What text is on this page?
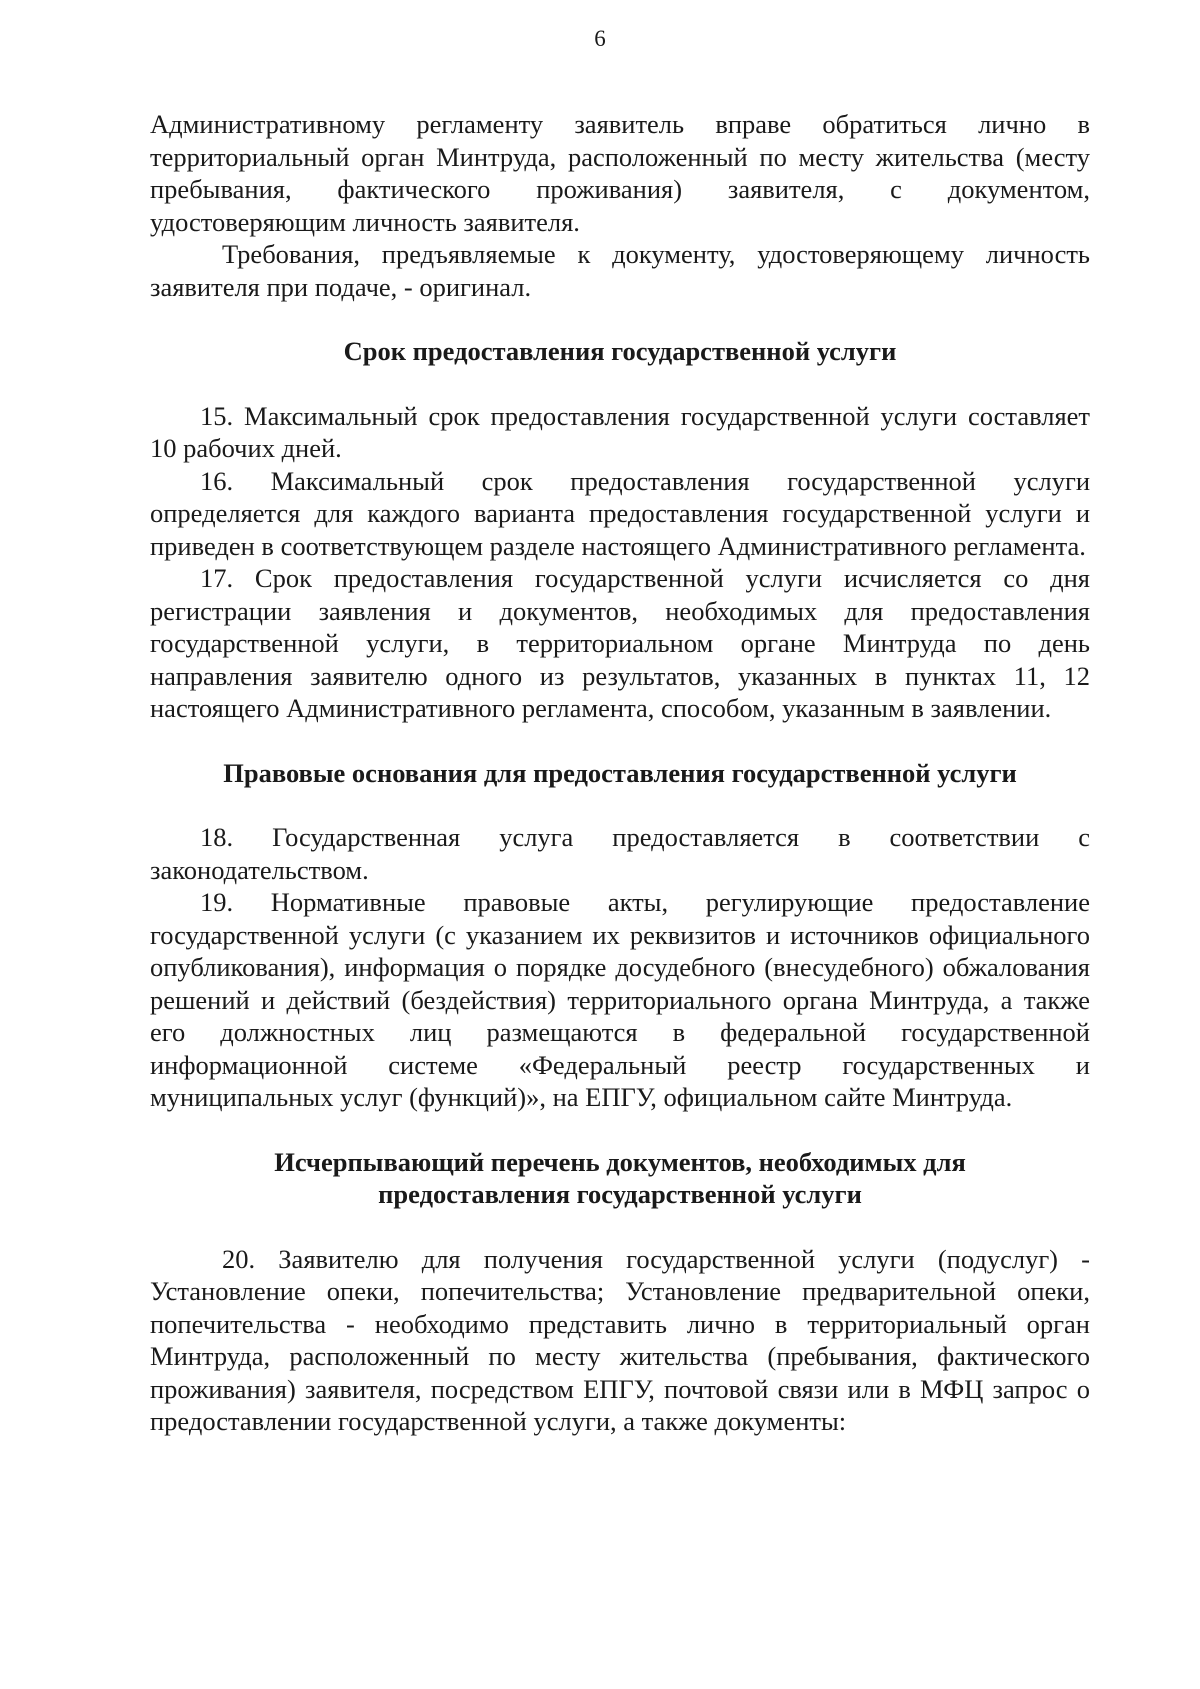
6

Административному регламенту заявитель вправе обратиться лично в территориальный орган Минтруда, расположенный по месту жительства (месту пребывания, фактического проживания) заявителя, с документом, удостоверяющим личность заявителя.

Требования, предъявляемые к документу, удостоверяющему личность заявителя при подаче, - оригинал.

Срок предоставления государственной услуги

15. Максимальный срок предоставления государственной услуги составляет 10 рабочих дней.

16. Максимальный срок предоставления государственной услуги определяется для каждого варианта предоставления государственной услуги и приведен в соответствующем разделе настоящего Административного регламента.

17. Срок предоставления государственной услуги исчисляется со дня регистрации заявления и документов, необходимых для предоставления государственной услуги, в территориальном органе Минтруда по день направления заявителю одного из результатов, указанных в пунктах 11, 12 настоящего Административного регламента, способом, указанным в заявлении.

Правовые основания для предоставления государственной услуги

18. Государственная услуга предоставляется в соответствии с законодательством.

19. Нормативные правовые акты, регулирующие предоставление государственной услуги (с указанием их реквизитов и источников официального опубликования), информация о порядке досудебного (внесудебного) обжалования решений и действий (бездействия) территориального органа Минтруда, а также его должностных лиц размещаются в федеральной государственной информационной системе «Федеральный реестр государственных и муниципальных услуг (функций)», на ЕПГУ, официальном сайте Минтруда.

Исчерпывающий перечень документов, необходимых для предоставления государственной услуги

20. Заявителю для получения государственной услуги (подуслуг) - Установление опеки, попечительства; Установление предварительной опеки, попечительства - необходимо представить лично в территориальный орган Минтруда, расположенный по месту жительства (пребывания, фактического проживания) заявителя, посредством ЕПГУ, почтовой связи или в МФЦ запрос о предоставлении государственной услуги, а также документы:
